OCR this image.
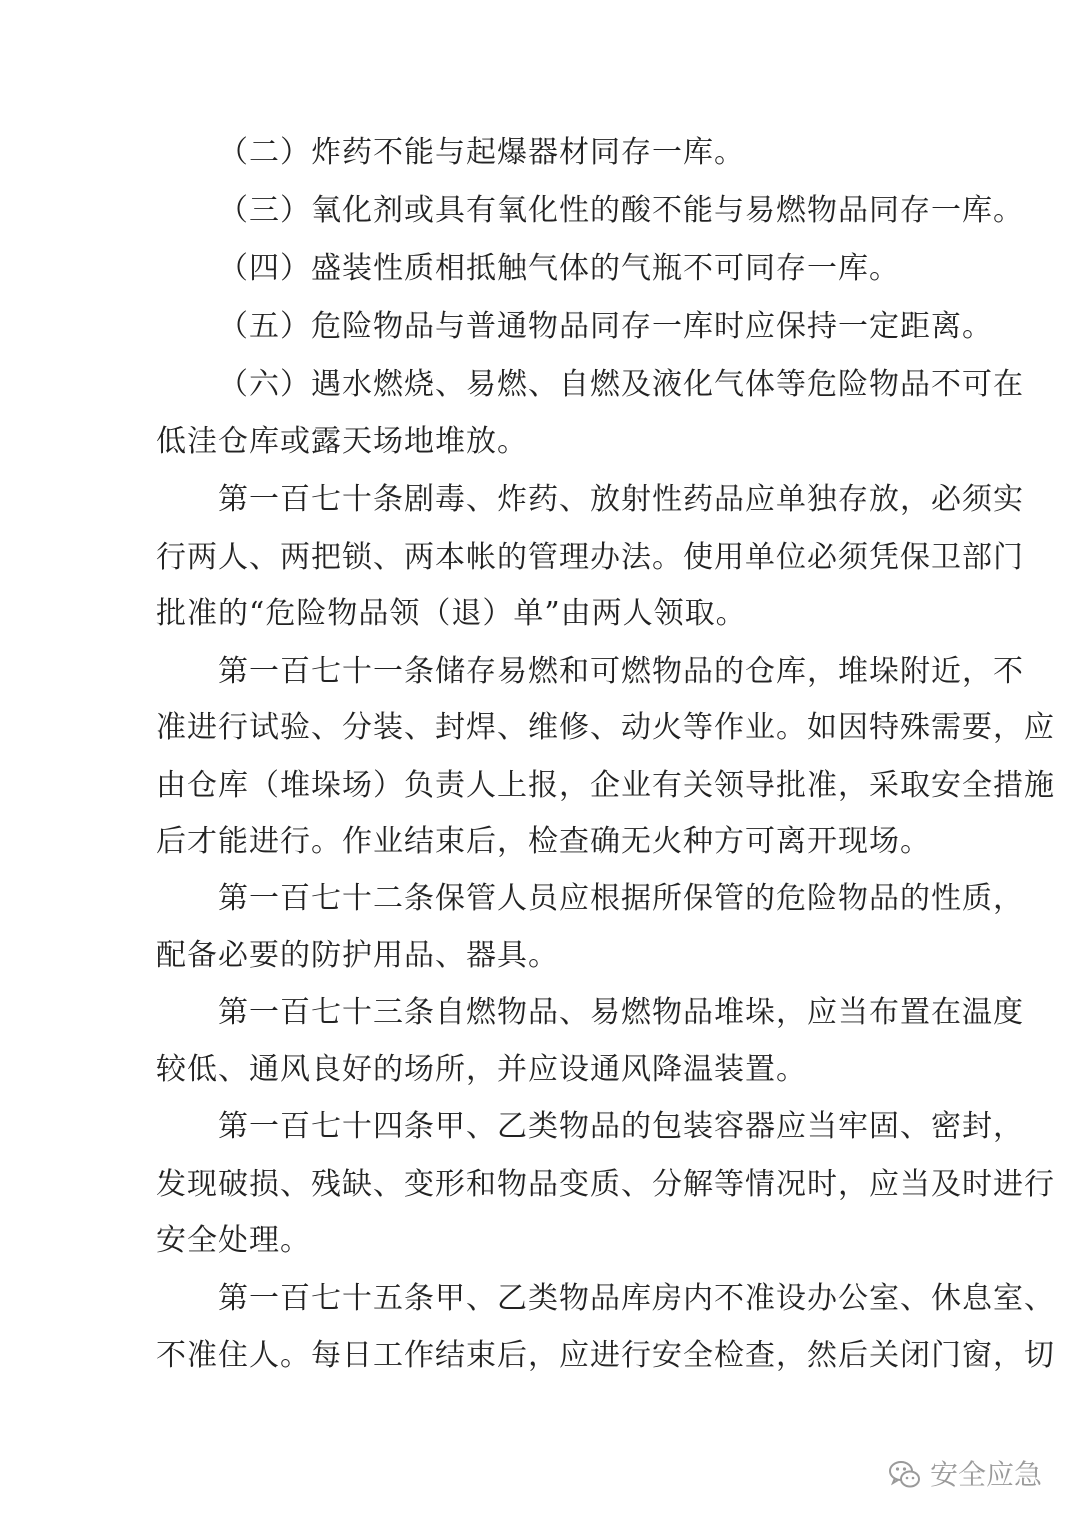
（二）炸药不能与起爆器材同存一库。
（三）氧化剂或具有氧化性的酸不能与易燃物品同存一库。
（四）盛装性质相抵触气体的气瓶不可同存一库。
（五）危险物品与普通物品同存一库时应保持一定距离。
（六）遇水燃烧、易燃、自燃及液化气体等危险物品不可在
低洼仓库或露天场地堆放。
第一百七十条剧毒、炸药、放射性药品应单独存放，必须实
行两人、两把锁、两本帐的管理办法。使用单位必须凭保卫部门
批准的“危险物品领（退）单”由两人领取。
第一百七十一条储存易燃和可燃物品的仓库，堆垛附近，不
准进行试验、分装、封焊、维修、动火等作业。如因特殊需要，应
由仓库（堆垛场）负责人上报，企业有关领导批准，采取安全措施
后才能进行。作业结束后，检查确无火种方可离开现场。
第一百七十二条保管人员应根据所保管的危险物品的性质，
配备必要的防护用品、器具。
第一百七十三条自燃物品、易燃物品堆垛，应当布置在温度
较低、通风良好的场所，并应设通风降温装置。
第一百七十四条甲、乙类物品的包装容器应当牢固、密封，
发现破损、残缺、变形和物品变质、分解等情况时，应当及时进行
安全处理。
第一百七十五条甲、乙类物品库房内不准设办公室、休息室、
不准住人。每日工作结束后，应进行安全检查，然后关闭门窗，切
安全应急
